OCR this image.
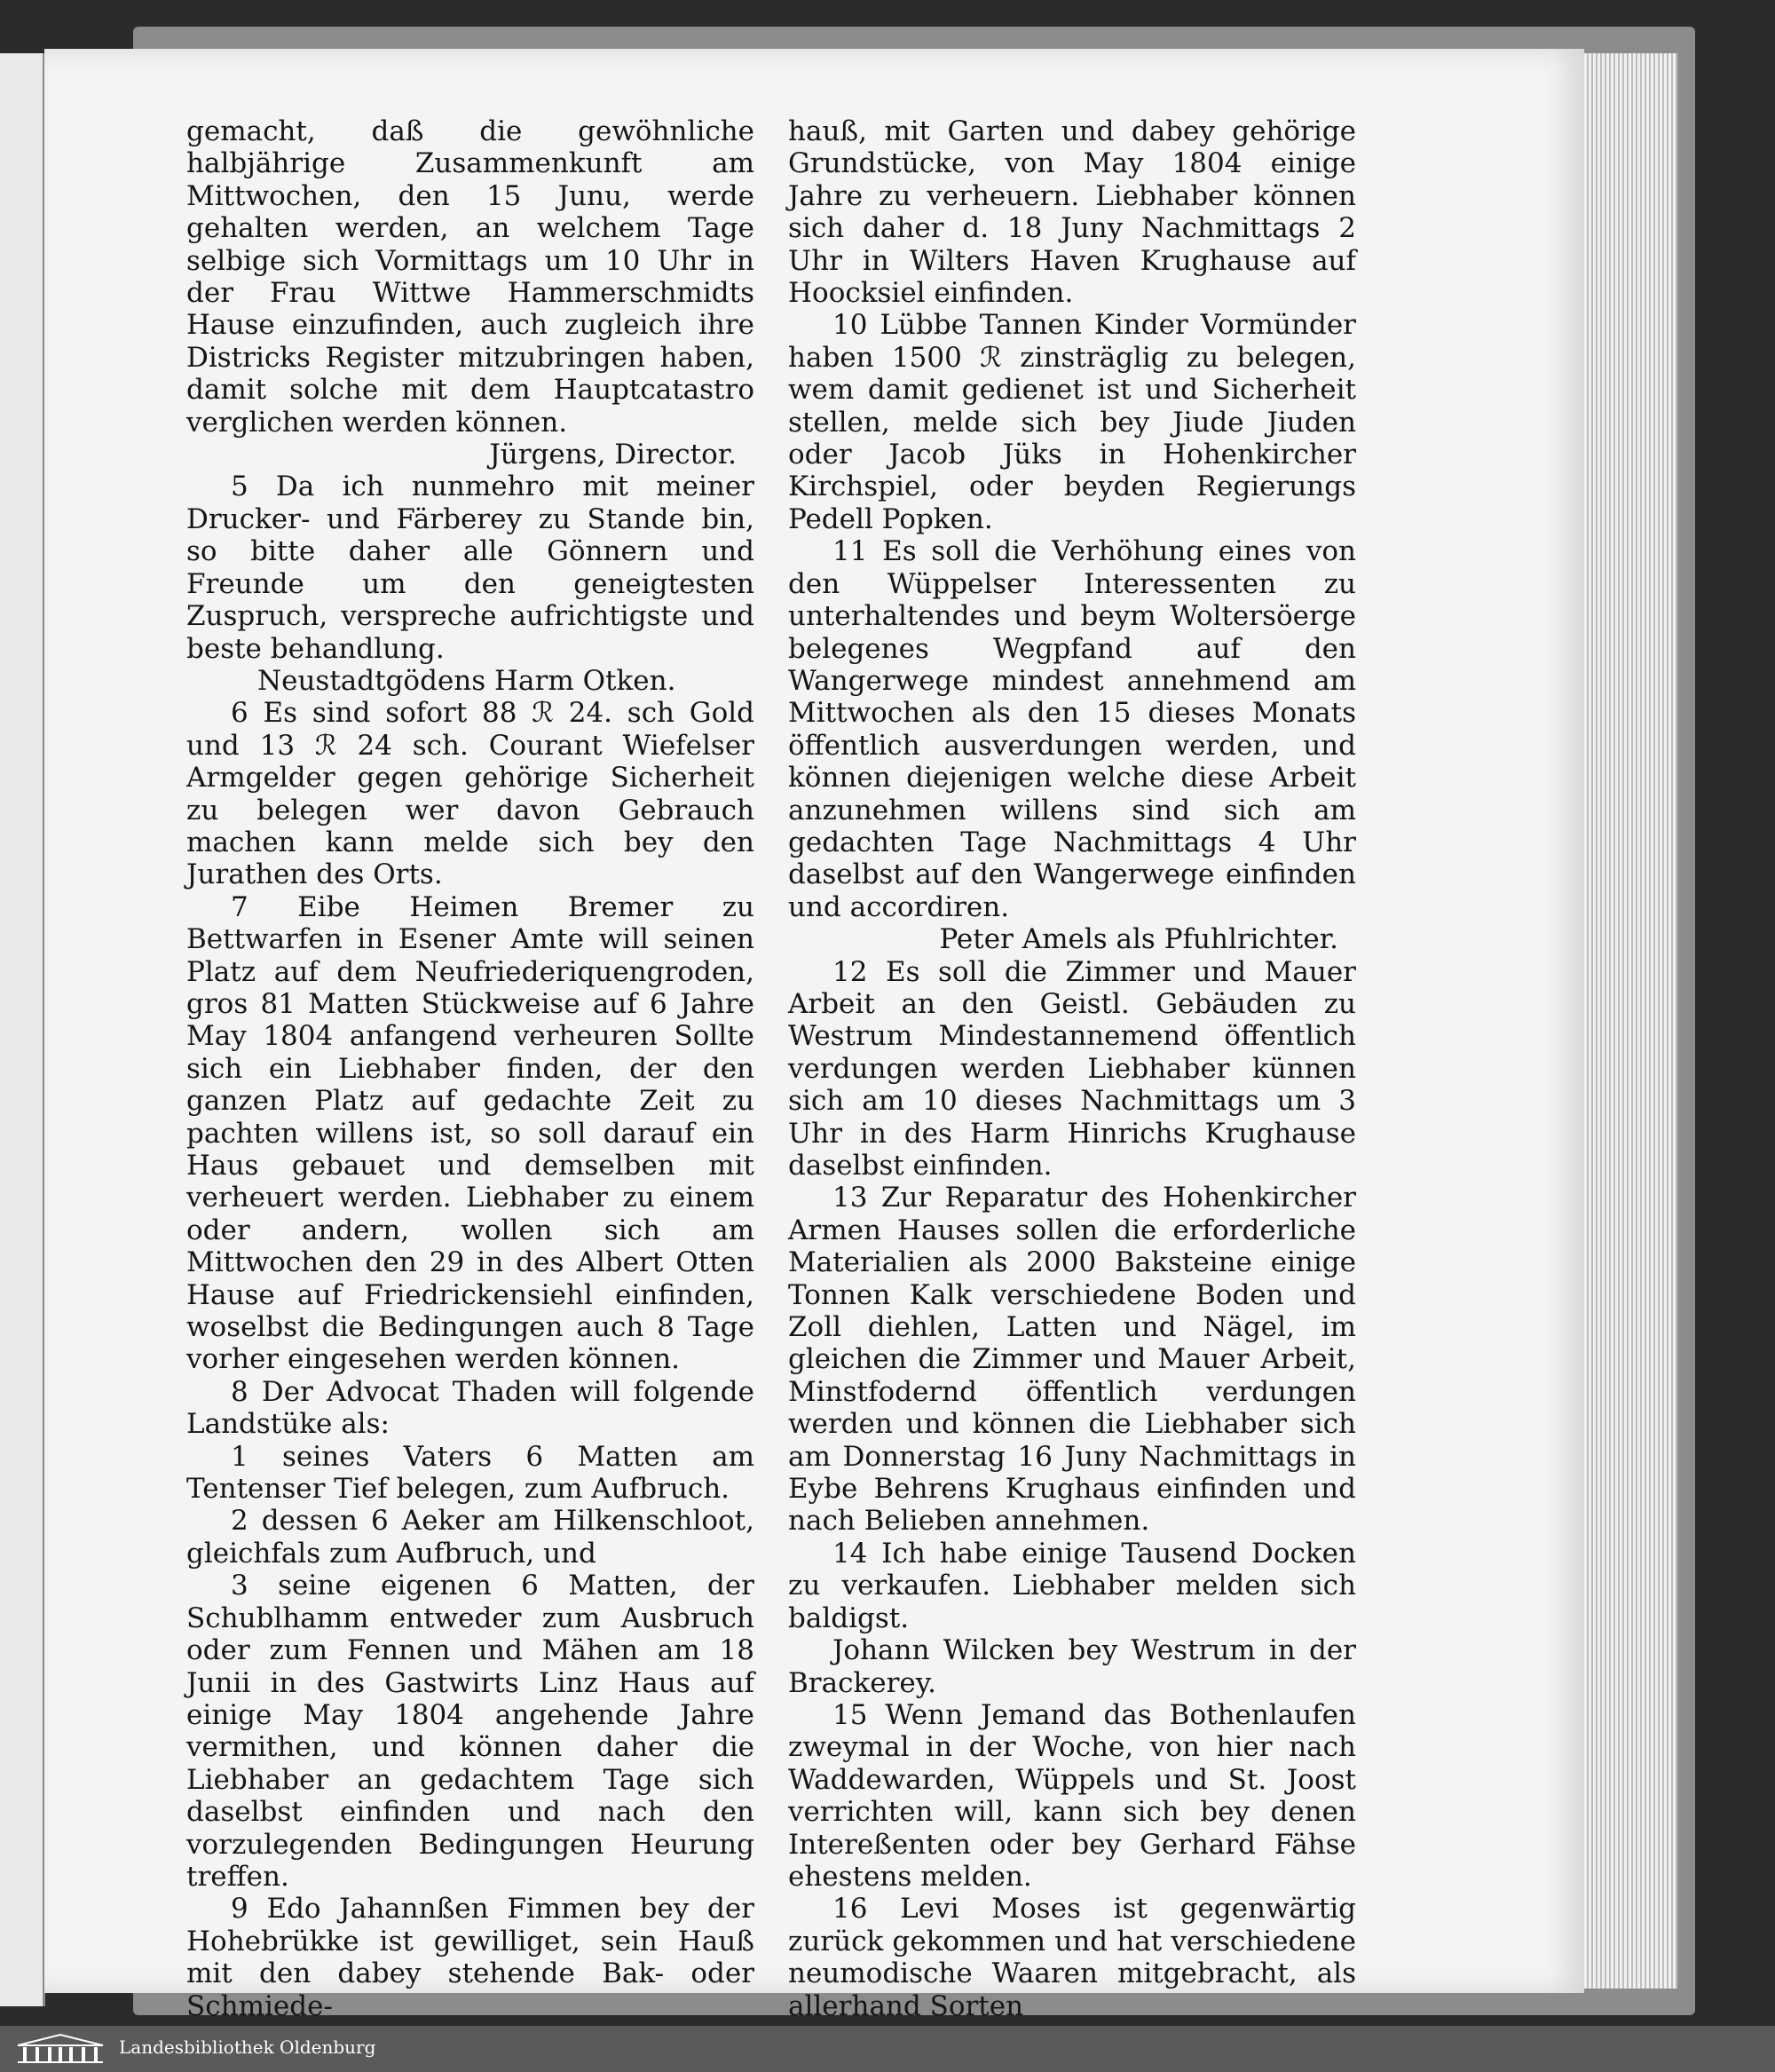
gemacht, daß die gewöhnliche halbjährige Zusammenkunft am Mittwochen, den 15 Junu, werde gehalten werden, an welchem Tage selbige sich Vormittags um 10 Uhr in der Frau Wittwe Hammerschmidts Hause einzufinden, auch zugleich ihre Districks Register mitzubringen haben, damit solche mit dem Hauptcatastro verglichen werden können.

Jürgens, Director.

5 Da ich nunmehro mit meiner Drucker- und Färberey zu Stande bin, so bitte daher alle Gönnern und Freunde um den geneigtesten Zuspruch, verspreche aufrichtigste und beste behandlung.

Neustadtgödens Harm Otken.

6 Es sind sofort 88 ℛ 24. sch Gold und 13 ℛ 24 sch. Courant Wiefelser Armgelder gegen gehörige Sicherheit zu belegen wer davon Gebrauch machen kann melde sich bey den Jurathen des Orts.

7 Eibe Heimen Bremer zu Bettwarfen in Esener Amte will seinen Platz auf dem Neufriederiquengroden, gros 81 Matten Stückweise auf 6 Jahre May 1804 anfangend verheuren Sollte sich ein Liebhaber finden, der den ganzen Platz auf gedachte Zeit zu pachten willens ist, so soll darauf ein Haus gebauet und demselben mit verheuert werden. Liebhaber zu einem oder andern, wollen sich am Mittwochen den 29 in des Albert Otten Hause auf Friedrickensiehl einfinden, woselbst die Bedingungen auch 8 Tage vorher eingesehen werden können.

8 Der Advocat Thaden will folgende Landstüke als:

1 seines Vaters 6 Matten am Tentenser Tief belegen, zum Aufbruch.

2 dessen 6 Aeker am Hilkenschloot, gleichfals zum Aufbruch, und

3 seine eigenen 6 Matten, der Schublhamm entweder zum Ausbruch oder zum Fennen und Mähen am 18 Junii in des Gastwirts Linz Haus auf einige May 1804 angehende Jahre vermithen, und können daher die Liebhaber an gedachtem Tage sich daselbst einfinden und nach den vorzulegenden Bedingungen Heurung treffen.

9 Edo Jahannßen Fimmen bey der Hohebrükke ist gewilliget, sein Hauß mit den dabey stehende Bak- oder Schmiede-

hauß, mit Garten und dabey gehörige Grundstücke, von May 1804 einige Jahre zu verheuern. Liebhaber können sich daher d. 18 Juny Nachmittags 2 Uhr in Wilters Haven Krughause auf Hoocksiel einfinden.

10 Lübbe Tannen Kinder Vormünder haben 1500 ℛ zinsträglig zu belegen, wem damit gedienet ist und Sicherheit stellen, melde sich bey Jiude Jiuden oder Jacob Jüks in Hohenkircher Kirchspiel, oder beyden Regierungs Pedell Popken.

11 Es soll die Verhöhung eines von den Wüppelser Interessenten zu unterhaltendes und beym Woltersöerge belegenes Wegpfand auf den Wangerwege mindest annehmend am Mittwochen als den 15 dieses Monats öffentlich ausverdungen werden, und können diejenigen welche diese Arbeit anzunehmen willens sind sich am gedachten Tage Nachmittags 4 Uhr daselbst auf den Wangerwege einfinden und accordiren.

Peter Amels als Pfuhlrichter.

12 Es soll die Zimmer und Mauer Arbeit an den Geistl. Gebäuden zu Westrum Mindestannemend öffentlich verdungen werden Liebhaber künnen sich am 10 dieses Nachmittags um 3 Uhr in des Harm Hinrichs Krughause daselbst einfinden.

13 Zur Reparatur des Hohenkircher Armen Hauses sollen die erforderliche Materialien als 2000 Baksteine einige Tonnen Kalk verschiedene Boden und Zoll diehlen, Latten und Nägel, im gleichen die Zimmer und Mauer Arbeit, Minstfodernd öffentlich verdungen werden und können die Liebhaber sich am Donnerstag 16 Juny Nachmittags in Eybe Behrens Krughaus einfinden und nach Belieben annehmen.

14 Ich habe einige Tausend Docken zu verkaufen. Liebhaber melden sich baldigst.

Johann Wilcken bey Westrum in der Brackerey.

15 Wenn Jemand das Bothenlaufen zweymal in der Woche, von hier nach Waddewarden, Wüppels und St. Joost verrichten will, kann sich bey denen Intereßenten oder bey Gerhard Fähse ehestens melden.

16 Levi Moses ist gegenwärtig zurück gekommen und hat verschiedene neumodische Waaren mitgebracht, als allerhand Sorten

Landesbibliothek Oldenburg
